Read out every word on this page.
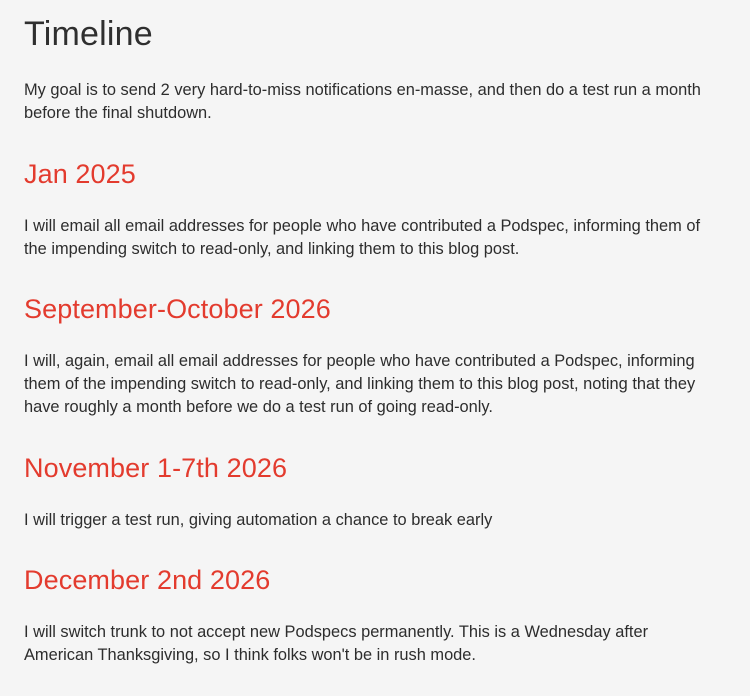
Timeline

My goal is to send 2 very hard-to-miss notifications en-masse, and then do a test run a month before the final shutdown.

Jan 2025

I will email all email addresses for people who have contributed a Podspec, informing them of the impending switch to read-only, and linking them to this blog post.

September-October 2026

I will, again, email all email addresses for people who have contributed a Podspec, informing them of the impending switch to read-only, and linking them to this blog post, noting that they have roughly a month before we do a test run of going read-only.

November 1-7th 2026

I will trigger a test run, giving automation a chance to break early

December 2nd 2026

I will switch trunk to not accept new Podspecs permanently. This is a Wednesday after American Thanksgiving, so I think folks won't be in rush mode.
